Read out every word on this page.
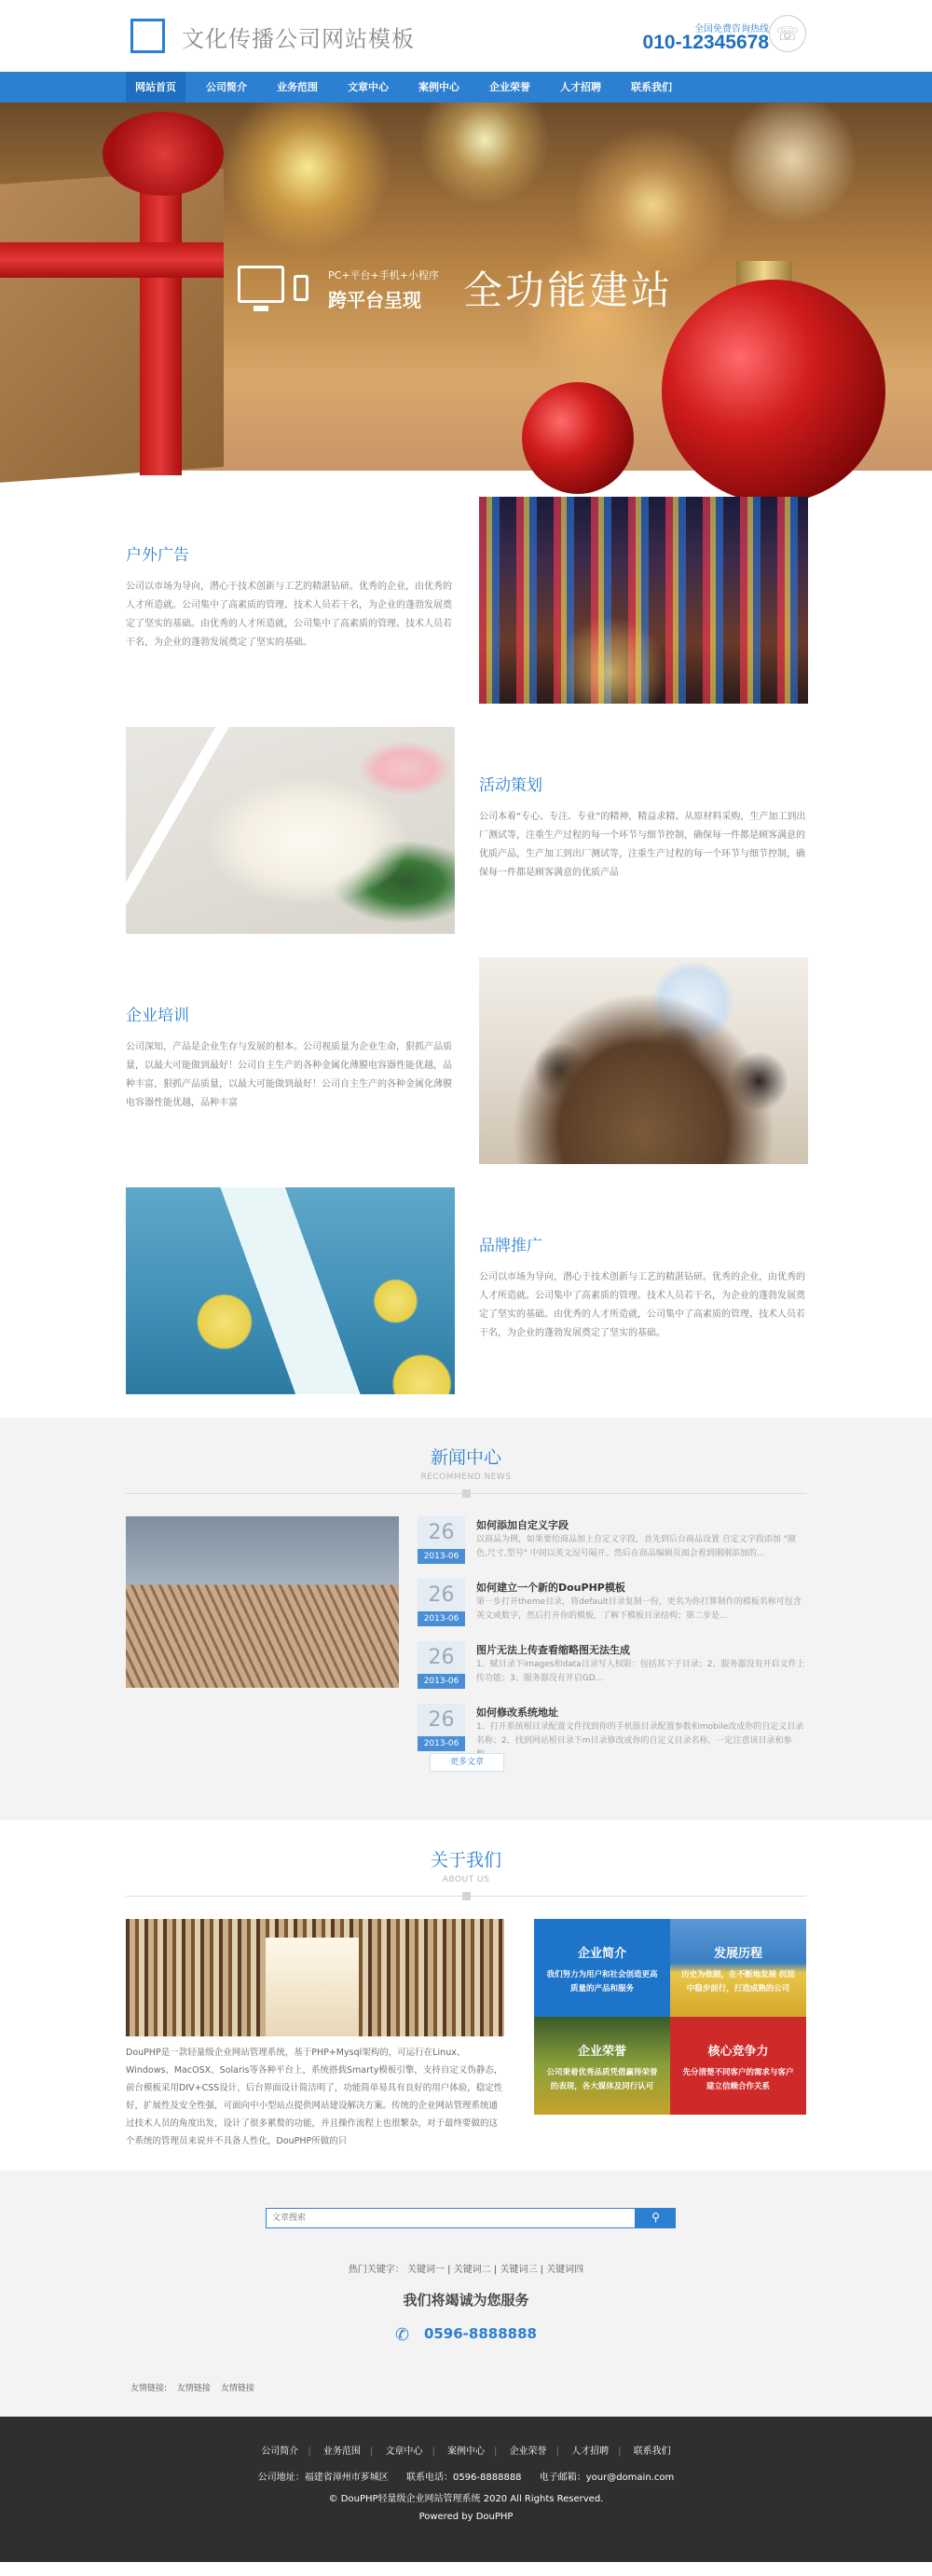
文化传播公司网站模板	全国免费咨询热线
010-12345678 ☏
网站首页	公司简介	业务范围	文章中心	案例中心	企业荣誉	人才招聘	联系我们
PC+平台+手机+小程序
跨平台呈现 全功能建站
户外广告

公司以市场为导向，潜心于技术创新与工艺的精湛钻研。优秀的企业，由优秀的人才所造就。公司集中了高素质的管理、技术人员若干名，为企业的蓬勃发展奠定了坚实的基础。由优秀的人才所造就，公司集中了高素质的管理、技术人员若干名，为企业的蓬勃发展奠定了坚实的基础。

活动策划

公司本着“专心、专注、专业”的精神，精益求精。从原材料采购，生产加工到出厂测试等，注重生产过程的每一个环节与细节控制，确保每一件都是顾客满意的优质产品，生产加工到出厂测试等，注重生产过程的每一个环节与细节控制，确保每一件都是顾客满意的优质产品

企业培训

公司深知，产品是企业生存与发展的根本。公司视质量为企业生命，狠抓产品质量，以最大可能做到最好！公司自主生产的各种金属化薄膜电容器性能优越，品种丰富，狠抓产品质量，以最大可能做到最好！公司自主生产的各种金属化薄膜电容器性能优越，品种丰富

品牌推广

公司以市场为导向，潜心于技术创新与工艺的精湛钻研。优秀的企业，由优秀的人才所造就。公司集中了高素质的管理、技术人员若干名，为企业的蓬勃发展奠定了坚实的基础。由优秀的人才所造就，公司集中了高素质的管理、技术人员若干名，为企业的蓬勃发展奠定了坚实的基础。

新闻中心
RECOMMEND NEWS
26
2013-06
如何添加自定义字段
以商品为例，如果要给商品加上自定义字段，首先到后台商品设置 自定义字段添加 "颜色,尺寸,型号" 中间以英文逗号隔开。然后在商品编辑页面会看到刚刚添加的...
26
2013-06
如何建立一个新的DouPHP模板
第一步打开theme目录，将default目录复制一份，更名为你打算制作的模板名称可包含英文或数字，然后打开你的模板，了解下模板目录结构；第二步是...
26
2013-06
图片无法上传查看缩略图无法生成
1、赋目录下images和data目录写入权限：包括其下子目录；2、服务器没有开启文件上传功能；3、服务器没有开启GD...
26
2013-06
如何修改系统地址
1、打开系统根目录配置文件找到你的手机版目录配置参数和mobile改成你的自定义目录名称；2、找到网站根目录下m目录修改成你的自定义目录名称，一定注意该目录和参
更多文章
关于我们
ABOUT US
DouPHP是一款轻量级企业网站管理系统，基于PHP+Mysql架构的，可运行在Linux、Windows、MacOSX、Solaris等各种平台上，系统搭载Smarty模板引擎，支持自定义伪静态，前台模板采用DIV+CSS设计，后台界面设计简洁明了，功能简单易具有良好的用户体验，稳定性好，扩展性及安全性强，可面向中小型站点提供网站建设解决方案。传统的企业网站管理系统通过技术人员的角度出发，设计了很多累赘的功能，并且操作流程上也很繁杂，对于最终要做的这个系统的管理员来说并不具备人性化，DouPHP所做的只
企业简介

我们努力为用户和社会创造更高质量的产品和服务

发展历程

历史为依据，在不断地发展 沉淀中稳步前行，打造成熟的公司

企业荣誉

公司秉着优秀品质凭借赢得荣誉的表现，各大媒体及同行认可

核心竞争力

先分清楚不同客户的需求与客户建立信赖合作关系

文章搜索
⚲
热门关键字： 关键词一 | 关键词二 | 关键词三 | 关键词四
我们将竭诚为您服务
✆ 0596-8888888
友情链接: 友情链接 友情链接
公司简介 | 业务范围 | 文章中心 | 案例中心 | 企业荣誉 | 人才招聘 | 联系我们
公司地址：福建省漳州市芗城区 联系电话：0596-8888888 电子邮箱：your@domain.com
© DouPHP轻量级企业网站管理系统 2020 All Rights Reserved.
Powered by DouPHP
